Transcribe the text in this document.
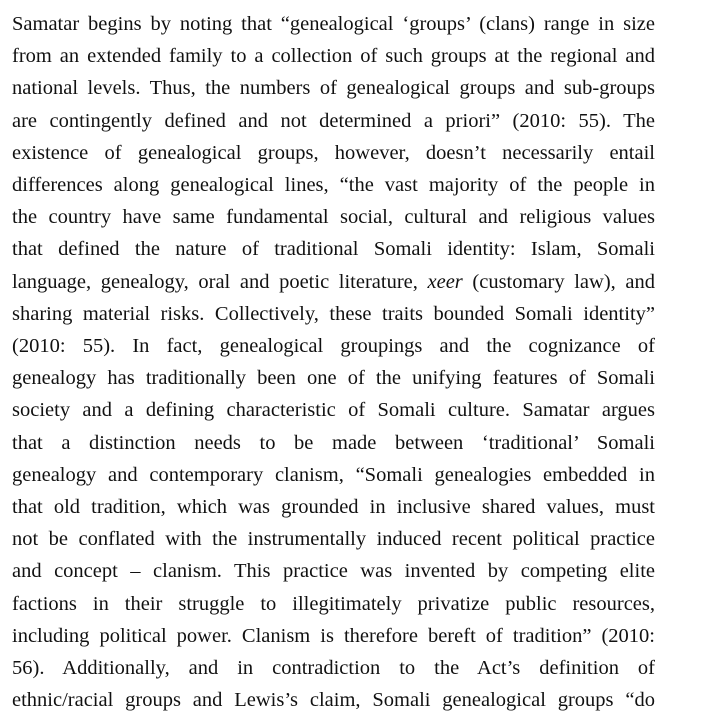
Samatar begins by noting that “genealogical ‘groups’ (clans) range in size
from an extended family to a collection of such groups at the regional and
national levels. Thus, the numbers of genealogical groups and sub-groups
are contingently defined and not determined a priori” (2010: 55). The
existence of genealogical groups, however, doesn’t necessarily entail
differences along genealogical lines, “the vast majority of the people in
the country have same fundamental social, cultural and religious values
that defined the nature of traditional Somali identity: Islam, Somali
language, genealogy, oral and poetic literature, xeer (customary law), and
sharing material risks. Collectively, these traits bounded Somali identity”
(2010: 55). In fact, genealogical groupings and the cognizance of
genealogy has traditionally been one of the unifying features of Somali
society and a defining characteristic of Somali culture. Samatar argues
that a distinction needs to be made between ‘traditional’ Somali
genealogy and contemporary clanism, “Somali genealogies embedded in
that old tradition, which was grounded in inclusive shared values, must
not be conflated with the instrumentally induced recent political practice
and concept – clanism. This practice was invented by competing elite
factions in their struggle to illegitimately privatize public resources,
including political power. Clanism is therefore bereft of tradition” (2010:
56). Additionally, and in contradiction to the Act’s definition of
ethnic/racial groups and Lewis’s claim, Somali genealogical groups “do
